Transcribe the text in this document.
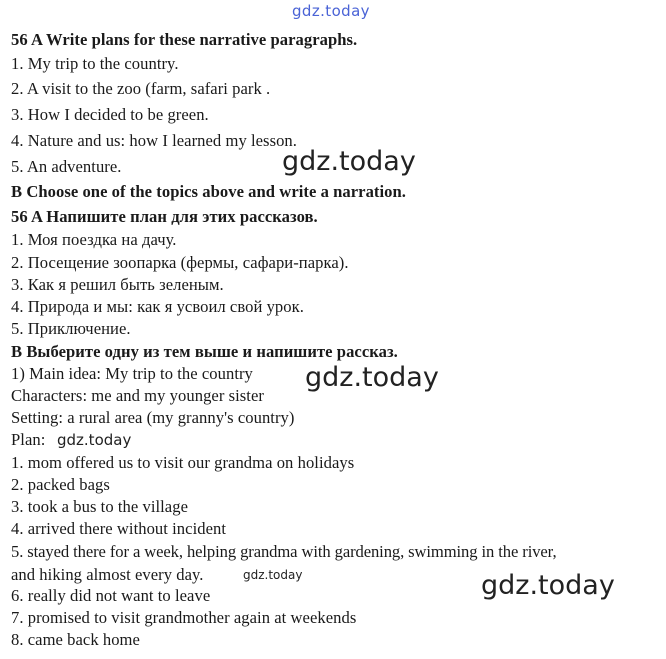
gdz.today
56 A Write plans for these narrative paragraphs.
1. My trip to the country.
2. A visit to the zoo (farm, safari park .
3. How I decided to be green.
4. Nature and us: how I learned my lesson.
5. An adventure.	gdz.today
B Choose one of the topics above and write a narration.
56 A Напишите план для этих рассказов.
1. Моя поездка на дачу.
2. Посещение зоопарка (фермы, сафари-парка).
3. Как я решил быть зеленым.
4. Природа и мы: как я усвоил свой урок.
5. Приключение.
B Выберите одну из тем выше и напишите рассказ.
1) Main idea: My trip to the country gdz.today
Characters: me and my younger sister
Setting: a rural area (my granny's country)
Plan: gdz.today
1. mom offered us to visit our grandma on holidays
2. packed bags
3. took a bus to the village
4. arrived there without incident
5. stayed there for a week, helping grandma with gardening, swimming in the river,
and hiking almost every day.	gdz.today	gdz.today
6. really did not want to leave
7. promised to visit grandmother again at weekends
8. came back home
